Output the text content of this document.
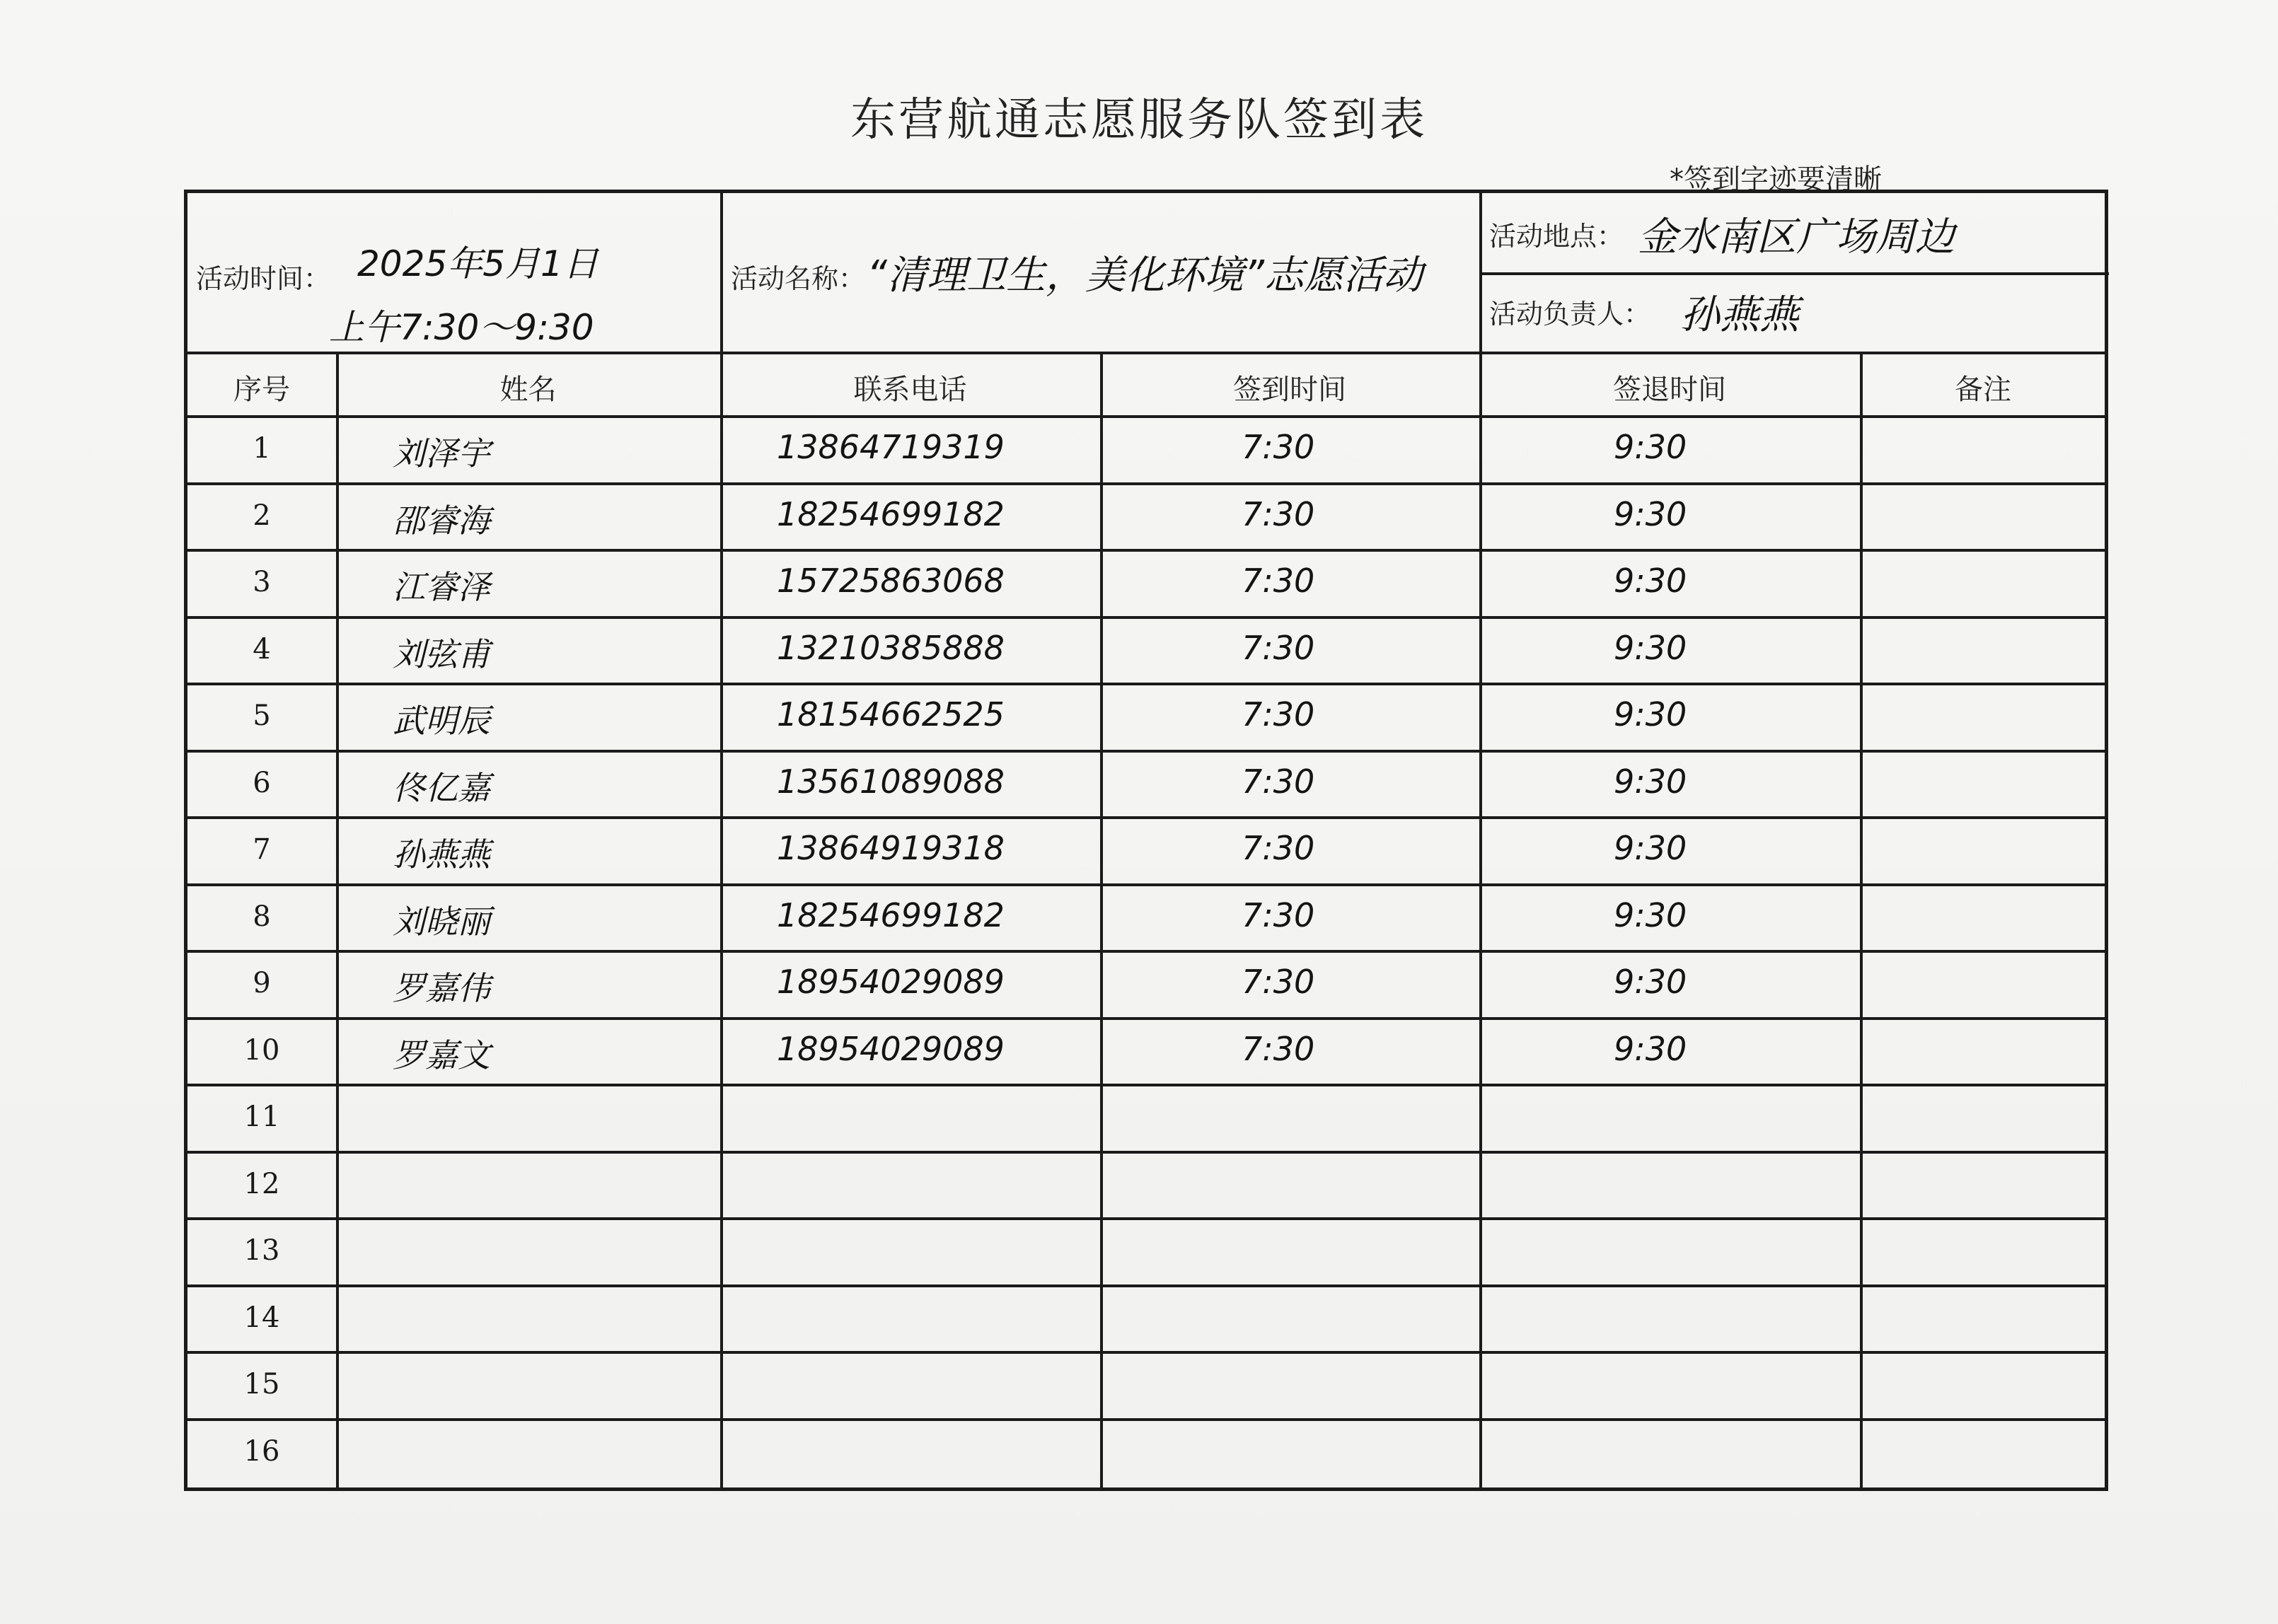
东营航通志愿服务队签到表
*签到字迹要清晰
活动时间： 2025年5月1日
上午7:30～9:30
活动名称： “清理卫生，美化环境”志愿活动
活动地点： 金水南区广场周边
活动负责人： 孙燕燕
序号	姓名	联系电话	签到时间	签退时间	备注
1	刘泽宇	13864719319	7:30	9:30
2	邵睿海	18254699182	7:30	9:30
3	江睿泽	15725863068	7:30	9:30
4	刘弦甫	13210385888	7:30	9:30
5	武明辰	18154662525	7:30	9:30
6	佟亿嘉	13561089088	7:30	9:30
7	孙燕燕	13864919318	7:30	9:30
8	刘晓丽	18254699182	7:30	9:30
9	罗嘉伟	18954029089	7:30	9:30
10	罗嘉文	18954029089	7:30	9:30
11
12
13
14
15
16
